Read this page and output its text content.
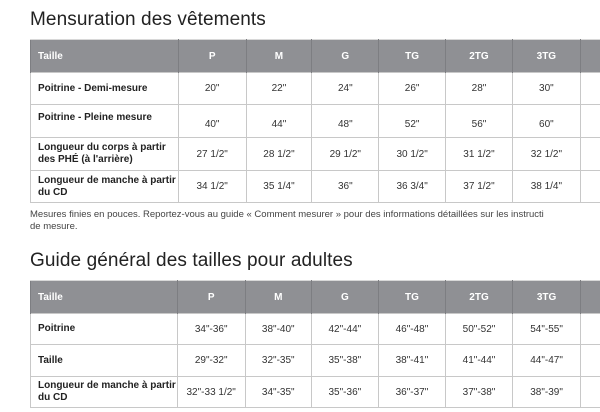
Mensuration des vêtements
Taille	P	M	G	TG	2TG	3TG	
Poitrine - Demi-mesure	20"	22"	24"	26"	28"	30"	
Poitrine - Pleine mesure	40"	44"	48"	52"	56"	60"	
Longueur du corps à partir des PHÉ (à l'arrière)	27 1/2"	28 1/2"	29 1/2"	30 1/2"	31 1/2"	32 1/2"	
Longueur de manche à partir du CD	34 1/2"	35 1/4"	36"	36 3/4"	37 1/2"	38 1/4"	
Mesures finies en pouces. Reportez-vous au guide « Comment mesurer » pour des informations détaillées sur les instructi
de mesure.
Guide général des tailles pour adultes
Taille	P	M	G	TG	2TG	3TG	
Poitrine	34"-36"	38"-40"	42"-44"	46"-48"	50"-52"	54"-55"	
Taille	29"-32"	32"-35"	35"-38"	38"-41"	41"-44"	44"-47"	
Longueur de manche à partir du CD	32"-33 1/2"	34"-35"	35"-36"	36"-37"	37"-38"	38"-39"	
